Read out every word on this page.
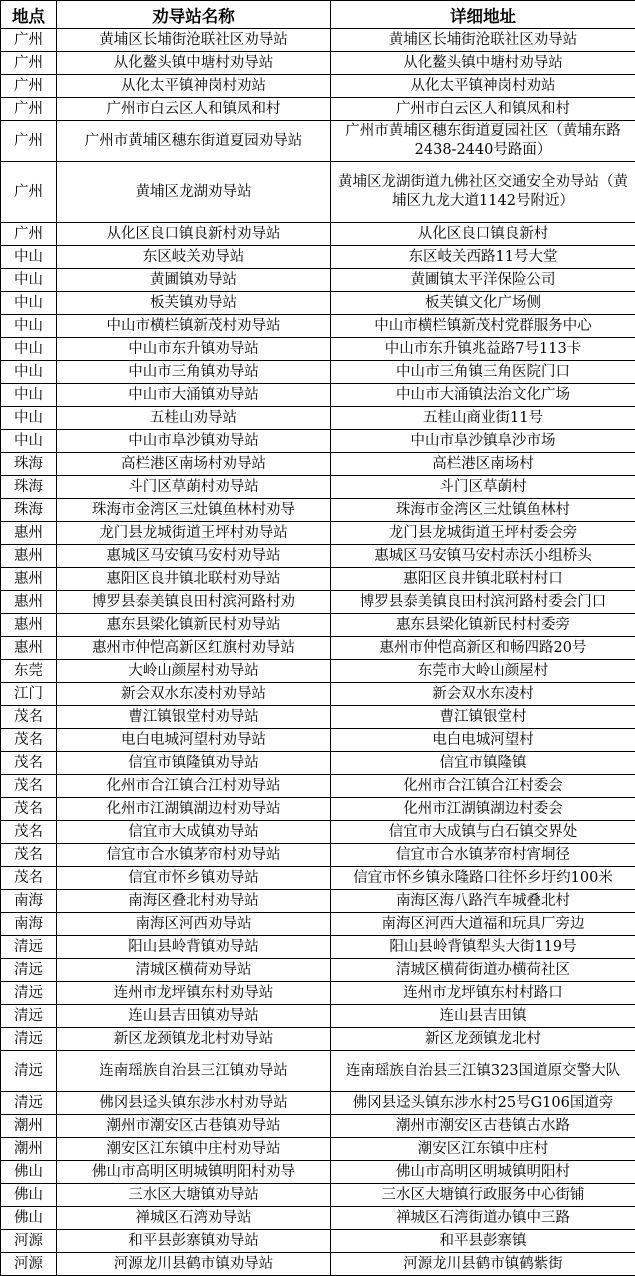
地点	劝导站名称	详细地址
广州	黄埔区长埔街沧联社区劝导站	黄埔区长埔街沧联社区劝导站
广州	从化鳌头镇中塘村劝导站	从化鳌头镇中塘村劝导站
广州	从化太平镇神岗村劝站	从化太平镇神岗村劝站
广州	广州市白云区人和镇凤和村	广州市白云区人和镇凤和村
广州	广州市黄埔区穗东街道夏园劝导站	广州市黄埔区穗东街道夏园社区（黄埔东路2438-2440号路面）
广州	黄埔区龙湖劝导站	黄埔区龙湖街道九佛社区交通安全劝导站（黄埔区九龙大道1142号附近）
广州	从化区良口镇良新村劝导站	从化区良口镇良新村
中山	东区岐关劝导站	东区岐关西路11号大堂
中山	黄圃镇劝导站	黄圃镇太平洋保险公司
中山	板芙镇劝导站	板芙镇文化广场侧
中山	中山市横栏镇新茂村劝导站	中山市横栏镇新茂村党群服务中心
中山	中山市东升镇劝导站	中山市东升镇兆益路7号113卡
中山	中山市三角镇劝导站	中山市三角镇三角医院门口
中山	中山市大涌镇劝导站	中山市大涌镇法治文化广场
中山	五桂山劝导站	五桂山商业街11号
中山	中山市阜沙镇劝导站	中山市阜沙镇阜沙市场
珠海	高栏港区南场村劝导站	高栏港区南场村
珠海	斗门区草蓢村劝导站	斗门区草蓢村
珠海	珠海市金湾区三灶镇鱼林村劝导	珠海市金湾区三灶镇鱼林村
惠州	龙门县龙城街道王坪村劝导站	龙门县龙城街道王坪村委会旁
惠州	惠城区马安镇马安村劝导站	惠城区马安镇马安村赤沃小组桥头
惠州	惠阳区良井镇北联村劝导站	惠阳区良井镇北联村村口
惠州	博罗县泰美镇良田村滨河路村劝	博罗县泰美镇良田村滨河路村委会门口
惠州	惠东县梁化镇新民村劝导站	惠东县梁化镇新民村村委旁
惠州	惠州市仲恺高新区红旗村劝导站	惠州市仲恺高新区和畅四路20号
东莞	大岭山颜屋村劝导站	东莞市大岭山颜屋村
江门	新会双水东凌村劝导站	新会双水东凌村
茂名	曹江镇银堂村劝导站	曹江镇银堂村
茂名	电白电城河望村劝导站	电白电城河望村
茂名	信宜市镇隆镇劝导站	信宜市镇隆镇
茂名	化州市合江镇合江村劝导站	化州市合江镇合江村委会
茂名	化州市江湖镇湖边村劝导站	化州市江湖镇湖边村委会
茂名	信宜市大成镇劝导站	信宜市大成镇与白石镇交界处
茂名	信宜市合水镇茅帘村劝导站	信宜市合水镇茅帘村宵垌径
茂名	信宜市怀乡镇劝导站	信宜市怀乡镇永隆路口往怀乡圩约100米
南海	南海区叠北村劝导站	南海区海八路汽车城叠北村
南海	南海区河西劝导站	南海区河西大道福和玩具厂旁边
清远	阳山县岭背镇劝导站	阳山县岭背镇犁头大街119号
清远	清城区横荷劝导站	清城区横荷街道办横荷社区
清远	连州市龙坪镇东村劝导站	连州市龙坪镇东村村路口
清远	连山县吉田镇劝导站	连山县吉田镇
清远	新区龙颈镇龙北村劝导站	新区龙颈镇龙北村
清远	连南瑶族自治县三江镇劝导站	连南瑶族自治县三江镇323国道原交警大队
清远	佛冈县迳头镇东涉水村劝导站	佛冈县迳头镇东涉水村25号G106国道旁
潮州	潮州市潮安区古巷镇劝导站	潮州市潮安区古巷镇古水路
潮州	潮安区江东镇中庄村劝导站	潮安区江东镇中庄村
佛山	佛山市高明区明城镇明阳村劝导	佛山市高明区明城镇明阳村
佛山	三水区大塘镇劝导站	三水区大塘镇行政服务中心街铺
佛山	禅城区石湾劝导站	禅城区石湾街道办镇中三路
河源	和平县彭寨镇劝导站	和平县彭寨镇
河源	河源龙川县鹤市镇劝导站	河源龙川县鹤市镇鹤紫街
